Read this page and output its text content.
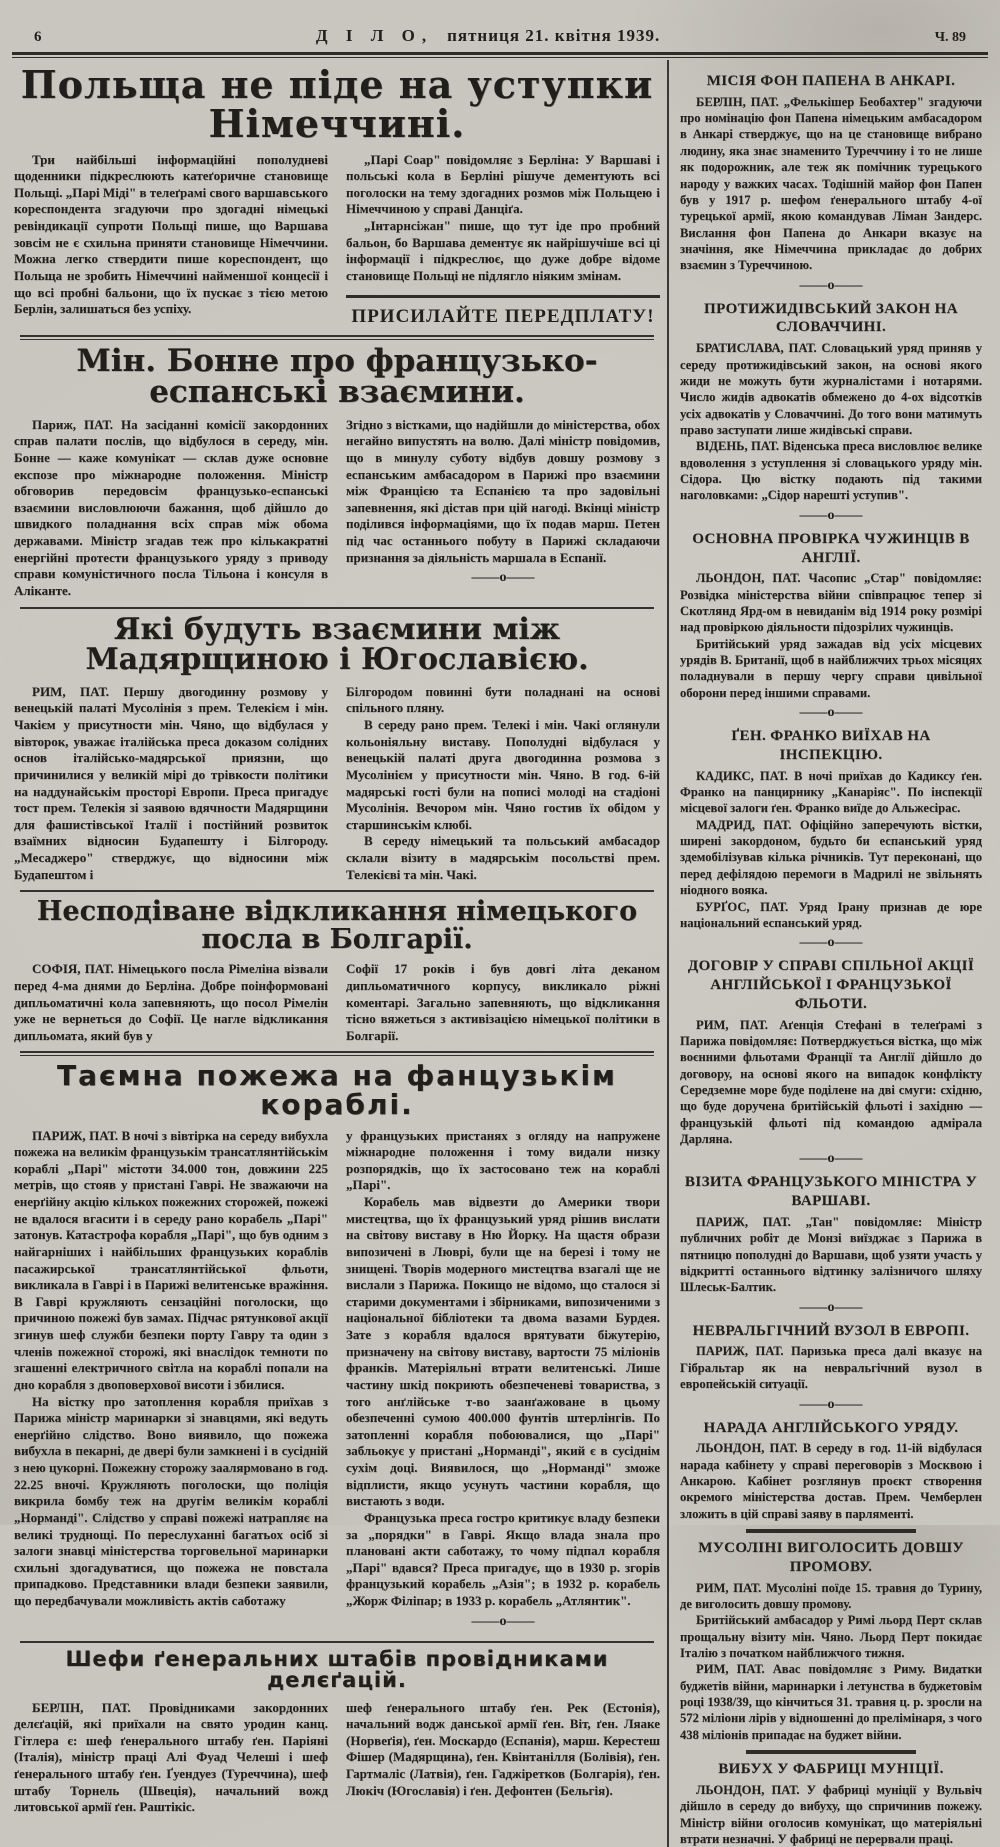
6	Д І Л О, пятниця 21. квітня 1939.	Ч. 89
Польща не піде на уступки Німеччині.

Три найбільші інформаційні пополудневі щоденники підкреслюють катеґоричне становище Польщі. „Парі Міді" в телеґрамі свого варшавського кореспондента згадуючи про здогадні німецькі ревіндикації супроти Польщі пише, що Варшава зовсім не є схильна приняти становище Німеччини. Можна легко ствердити пише кореспондент, що Польща не зробить Німеччині найменшої концесії і що всі пробні бальони, що їх пускає з тією метою Берлін, залишаться без успіху.

„Парі Соар" повідомляє з Берліна: У Варшаві і польські кола в Берліні рішуче дементують всі поголоски на тему здогадних розмов між Польщею і Німеччиною у справі Данціґа.

„Інтарнсіжан" пише, що тут іде про пробний бальон, бо Варшава дементує як найрішучіше всі ці інформації і підкреслює, що дуже добре відоме становище Польщі не підлягло ніяким змінам.

ПРИСИЛАЙТЕ ПЕРЕДПЛАТУ!
Мін. Бонне про французько-еспанські взаємини.

Париж, ПАТ. На засіданні комісії закордонних справ палати послів, що відбулося в середу, мін. Бонне — каже комунікат — склав дуже основне експозе про міжнародне положення. Міністр обговорив передовсім французько-еспанські взаємини висловлюючи бажання, щоб дійшло до швидкого поладнання всіх справ між обома державами. Міністр згадав теж про кількакратні енергійні протести французького уряду з приводу справи комуністичного посла Тільона і консуля в Аліканте.

Згідно з вістками, що надійшли до міністерства, обох негайно випустять на волю. Далі міністр повідомив, що в минулу суботу відбув довшу розмову з еспанським амбасадором в Парижі про взаємини між Францією та Еспанією та про задовільні запевнення, які дістав при цій нагоді. Вкінці міністр поділився інформаціями, що їх подав марш. Петен під час останнього побуту в Парижі складаючи признання за діяльність маршала в Еспанії.

——о——
Які будуть взаємини між Мадярщиною і Югославією.

РИМ, ПАТ. Першу двогодинну розмову у венецькій палаті Мусолінія з прем. Телекієм і мін. Чакієм у присутности мін. Чяно, що відбулася у вівторок, уважає італійська преса доказом солідних основ італійсько-мадярської приязни, що причинилися у великій мірі до трівкости політики на наддунайськім просторі Европи. Преса пригадує тост прем. Телекія зі заявою вдячности Мадярщини для фашистівської Італії і постійний розвиток взаїмних відносин Будапешту і Білгороду. „Месаджеро" стверджує, що відносини між Будапештом і

Білгородом повинні бути поладнані на основі спільного пляну.

В середу рано прем. Телекі і мін. Чакі оглянули кольоніяльну виставу. Пополудні відбулася у венецькій палаті друга двогодинна розмова з Мусолінієм у присутности мін. Чяно. В год. 6-ій мадярські гості були на пописі молоді на стадіоні Мусолінія. Вечором мін. Чяно гостив їх обідом у старшинськім клюбі.

В середу німецький та польський амбасадор склали візиту в мадярськім посольстві прем. Телекієві та мін. Чакі.

Несподіване відкликання німецького посла в Болгарії.

СОФІЯ, ПАТ. Німецького посла Рімеліна візвали перед 4-ма днями до Берліна. Добре поінформовані дипльоматичні кола запевняють, що посол Рімелін уже не вернеться до Софії. Це нагле відкликання дипльомата, який був у

Софії 17 років і був довгі літа деканом дипльоматичного корпусу, викликало ріжні коментарі. Загально запевняють, що відкликання тісно вяжеться з активізацією німецької політики в Болгарії.

Таємна пожежа на фанцузькім кораблі.

ПАРИЖ, ПАТ. В ночі з вівтірка на середу вибухла пожежа на великім французькім трансатлянтійськім кораблі „Парі" містоти 34.000 тон, довжини 225 метрів, що стояв у пристані Гаврі. Не зважаючи на енерґійну акцію кількох пожежних сторожей, пожежі не вдалося вгасити і в середу рано корабель „Парі" затонув. Катастрофа корабля „Парі", що був одним з найгарніших і найбільших французьких кораблів пасажирської трансатлянтійської фльоти, викликала в Гаврі і в Парижі велитенське вражіння. В Гаврі кружляють сензаційні поголоски, що причиною пожежі був замах. Підчас рятункової акції згинув шеф служби безпеки порту Гавру та один з членів пожежної сторожі, які внаслідок темноти по згашенні електричного світла на кораблі попали на дно корабля з двоповерхової висоти і збилися.

На вістку про затоплення корабля приїхав з Парижа міністр маринарки зі знавцями, які ведуть енерґійно слідство. Воно виявило, що пожежа вибухла в пекарні, де двері були замкнені і в сусідній з нею цукорні. Пожежну сторожу заалярмовано в год. 22.25 вночі. Кружляють поголоски, що поліція викрила бомбу теж на другім великім кораблі „Норманді". Слідство у справі пожежі натрапляє на великі труднощі. По переслуханні багатьох осіб зі залоги знавці міністерства торговельної маринарки схильні здогадуватися, що пожежа не повстала припадково. Представники влади безпеки заявили, що передбачували можливість актів саботажу

у французьких пристанях з огляду на напружене міжнародне положення і тому видали низку розпорядків, що їх застосовано теж на кораблі „Парі".

Корабель мав відвезти до Америки твори мистецтва, що їх французький уряд рішив вислати на світову виставу в Ню Йорку. На щастя образи випозичені в Люврі, були ще на березі і тому не знищені. Творів модерного мистецтва взагалі ще не вислали з Парижа. Покищо не відомо, що сталося зі старими документами і збірниками, випозиченими з національної бібліотеки та двома вазами Бурдея. Зате з корабля вдалося врятувати біжутерію, призначену на світову виставу, вартости 75 міліонів франків. Матеріяльні втрати велитенські. Лише частину шкід покриють обезпеченеві товариства, з того анґлійське т-во заанґажоване в цьому обезпеченні сумою 400.000 фунтів штерлінгів. По затопленні корабля побоювалися, що „Парі" забльокує у пристані „Норманді", який є в сусіднім сухім доці. Виявилося, що „Норманді" зможе відплисти, якщо усунуть частини корабля, що вистають з води.

Французька преса гостро критикує владу безпеки за „порядки" в Гаврі. Якщо влада знала про плановані акти саботажу, то чому підпал корабля „Парі" вдався? Преса пригадує, що в 1930 р. згорів французький корабель „Азія"; в 1932 р. корабель „Жорж Філіпар; в 1933 р. корабель „Атлянтик".

——о——
Шефи ґенеральних штабів провідниками делєґацій.

БЕРЛІН, ПАТ. Провідниками закордонних делєґацій, які приїхали на свято уродин канц. Гітлера є: шеф ґенерального штабу ґен. Паріяні (Італія), міністр праці Алі Фуад Челеші і шеф ґенерального штабу ґен. Ґуендуез (Туреччина), шеф штабу Торнель (Швеція), начальний вожд литовської армії ґен. Раштікіс.

шеф ґенерального штабу ґен. Рек (Естонія), начальний водж данської армії ґен. Віт, ґен. Ляаке (Норвеґія), ґен. Москардо (Еспанія), марш. Керестеш Фішер (Мадярщина), ґен. Квінтанілля (Болівія), ґен. Гартмаліс (Латвія), ґен. Гаджіретков (Болгарія), ґен. Люкіч (Югославія) і ґен. Дефонтен (Бельгія).

МІСІЯ ФОН ПАПЕНА В АНКАРІ.

БЕРЛІН, ПАТ. „Фелькішер Беобахтер" згадуючи про номінацію фон Папена німецьким амбасадором в Анкарі стверджує, що на це становище вибрано людину, яка знає знаменито Туреччину і то не лише як подорожник, але теж як помічник турецького народу у важких часах. Тодішній майор фон Папен був у 1917 р. шефом ґенерального штабу 4-ої турецької армії, якою командував Ліман Зандерс. Вислання фон Папена до Анкари вказує на значіння, яке Німеччина прикладає до добрих взаємин з Туреччиною.

——о——
ПРОТИЖИДІВСЬКИЙ ЗАКОН НА СЛОВАЧЧИНІ.

БРАТИСЛАВА, ПАТ. Словацький уряд приняв у середу протижидівський закон, на основі якого жиди не можуть бути журналістами і нотарями. Число жидів адвокатів обмежено до 4-ох відсотків усіх адвокатів у Словаччині. До того вони матимуть право заступати лише жидівські справи.

ВІДЕНЬ, ПАТ. Віденська преса висловлює велике вдоволення з уступлення зі словацького уряду мін. Сідора. Цю вістку подають під такими наголовками: „Сідор нарешті уступив".

——о——
ОСНОВНА ПРОВІРКА ЧУЖИНЦІВ В АНГЛІЇ.

ЛЬОНДОН, ПАТ. Часопис „Стар" повідомляє: Розвідка міністерства війни співпрацює тепер зі Скотлянд Ярд-ом в невиданім від 1914 року розмірі над провіркою діяльности підозрілих чужинців.

Бритійський уряд зажадав від усіх місцевих урядів В. Британії, щоб в найближчих трьох місяцях поладнували в першу чергу справи цивільної оборони перед іншими справами.

——о——
ҐЕН. ФРАНКО ВИЇХАВ НА ІНСПЕКЦІЮ.

КАДИКС, ПАТ. В ночі приїхав до Кадиксу ґен. Франко на панцирнику „Канаріяс". По інспекції місцевої залоги ґен. Франко виїде до Альжесірас.

МАДРИД, ПАТ. Офіційно заперечують вістки, ширені закордоном, будьто би еспанський уряд здемобілізував кілька річників. Тут переконані, що перед дефілядою перемоги в Мадрилі не звільнять ніодного вояка.

БУРҐОС, ПАТ. Уряд Ірану признав де юре національний еспанський уряд.

——о——
ДОГОВІР У СПРАВІ СПІЛЬНОЇ АКЦІЇ АНГЛІЙСЬКОЇ І ФРАНЦУЗЬКОЇ ФЛЬОТИ.

РИМ, ПАТ. Аґенція Стефані в телеґрамі з Парижа повідомляє: Потверджується вістка, що між воєнними фльотами Франції та Англії дійшло до договору, на основі якого на випадок конфлікту Середземне море буде поділене на дві смуги: східню, що буде доручена бритійській фльоті і західню — французькій фльоті під командою адмірала Дарляна.

——о——
ВІЗИТА ФРАНЦУЗЬКОГО МІНІСТРА У ВАРШАВІ.

ПАРИЖ, ПАТ. „Тан" повідомляє: Міністр публичних робіт де Монзі виїзджає з Парижа в пятницю пополудні до Варшави, щоб узяти участь у відкритті останнього відтинку залізничого шляху Шлеськ-Балтик.

——о——
НЕВРАЛЬГІЧНИЙ ВУЗОЛ В ЕВРОПІ.

ПАРИЖ, ПАТ. Паризька преса далі вказує на Гібральтар як на невральгічний вузол в европейській ситуації.

——о——
НАРАДА АНГЛІЙСЬКОГО УРЯДУ.

ЛЬОНДОН, ПАТ. В середу в год. 11-ій відбулася нарада кабінету у справі переговорів з Москвою і Анкарою. Кабінет розглянув проєкт створення окремого міністерства достав. Прем. Чемберлен зложить в цій справі заяву в парляменті.

МУСОЛІНІ ВИГОЛОСИТЬ ДОВШУ ПРОМОВУ.

РИМ, ПАТ. Мусоліні поїде 15. травня до Турину, де виголосить довшу промову.

Бритійський амбасадор у Римі льорд Перт склав прощальну візиту мін. Чяно. Льорд Перт покидає Італію з початком найближчого тижня.

РИМ, ПАТ. Авас повідомляє з Риму. Видатки буджетів війни, маринарки і летунства в буджетовім році 1938/39, що кінчиться 31. травня ц. р. зросли на 572 міліони лірів у відношенні до прелімінаря, з чого 438 міліонів припадає на буджет війни.

ВИБУХ У ФАБРИЦІ МУНІЦІЇ.

ЛЬОНДОН, ПАТ. У фабриці муніції у Вульвіч дійшло в середу до вибуху, що спричинив пожежу. Міністр війни оголосив комунікат, що матеріяльні втрати незначні. У фабриці не перервали праці.
